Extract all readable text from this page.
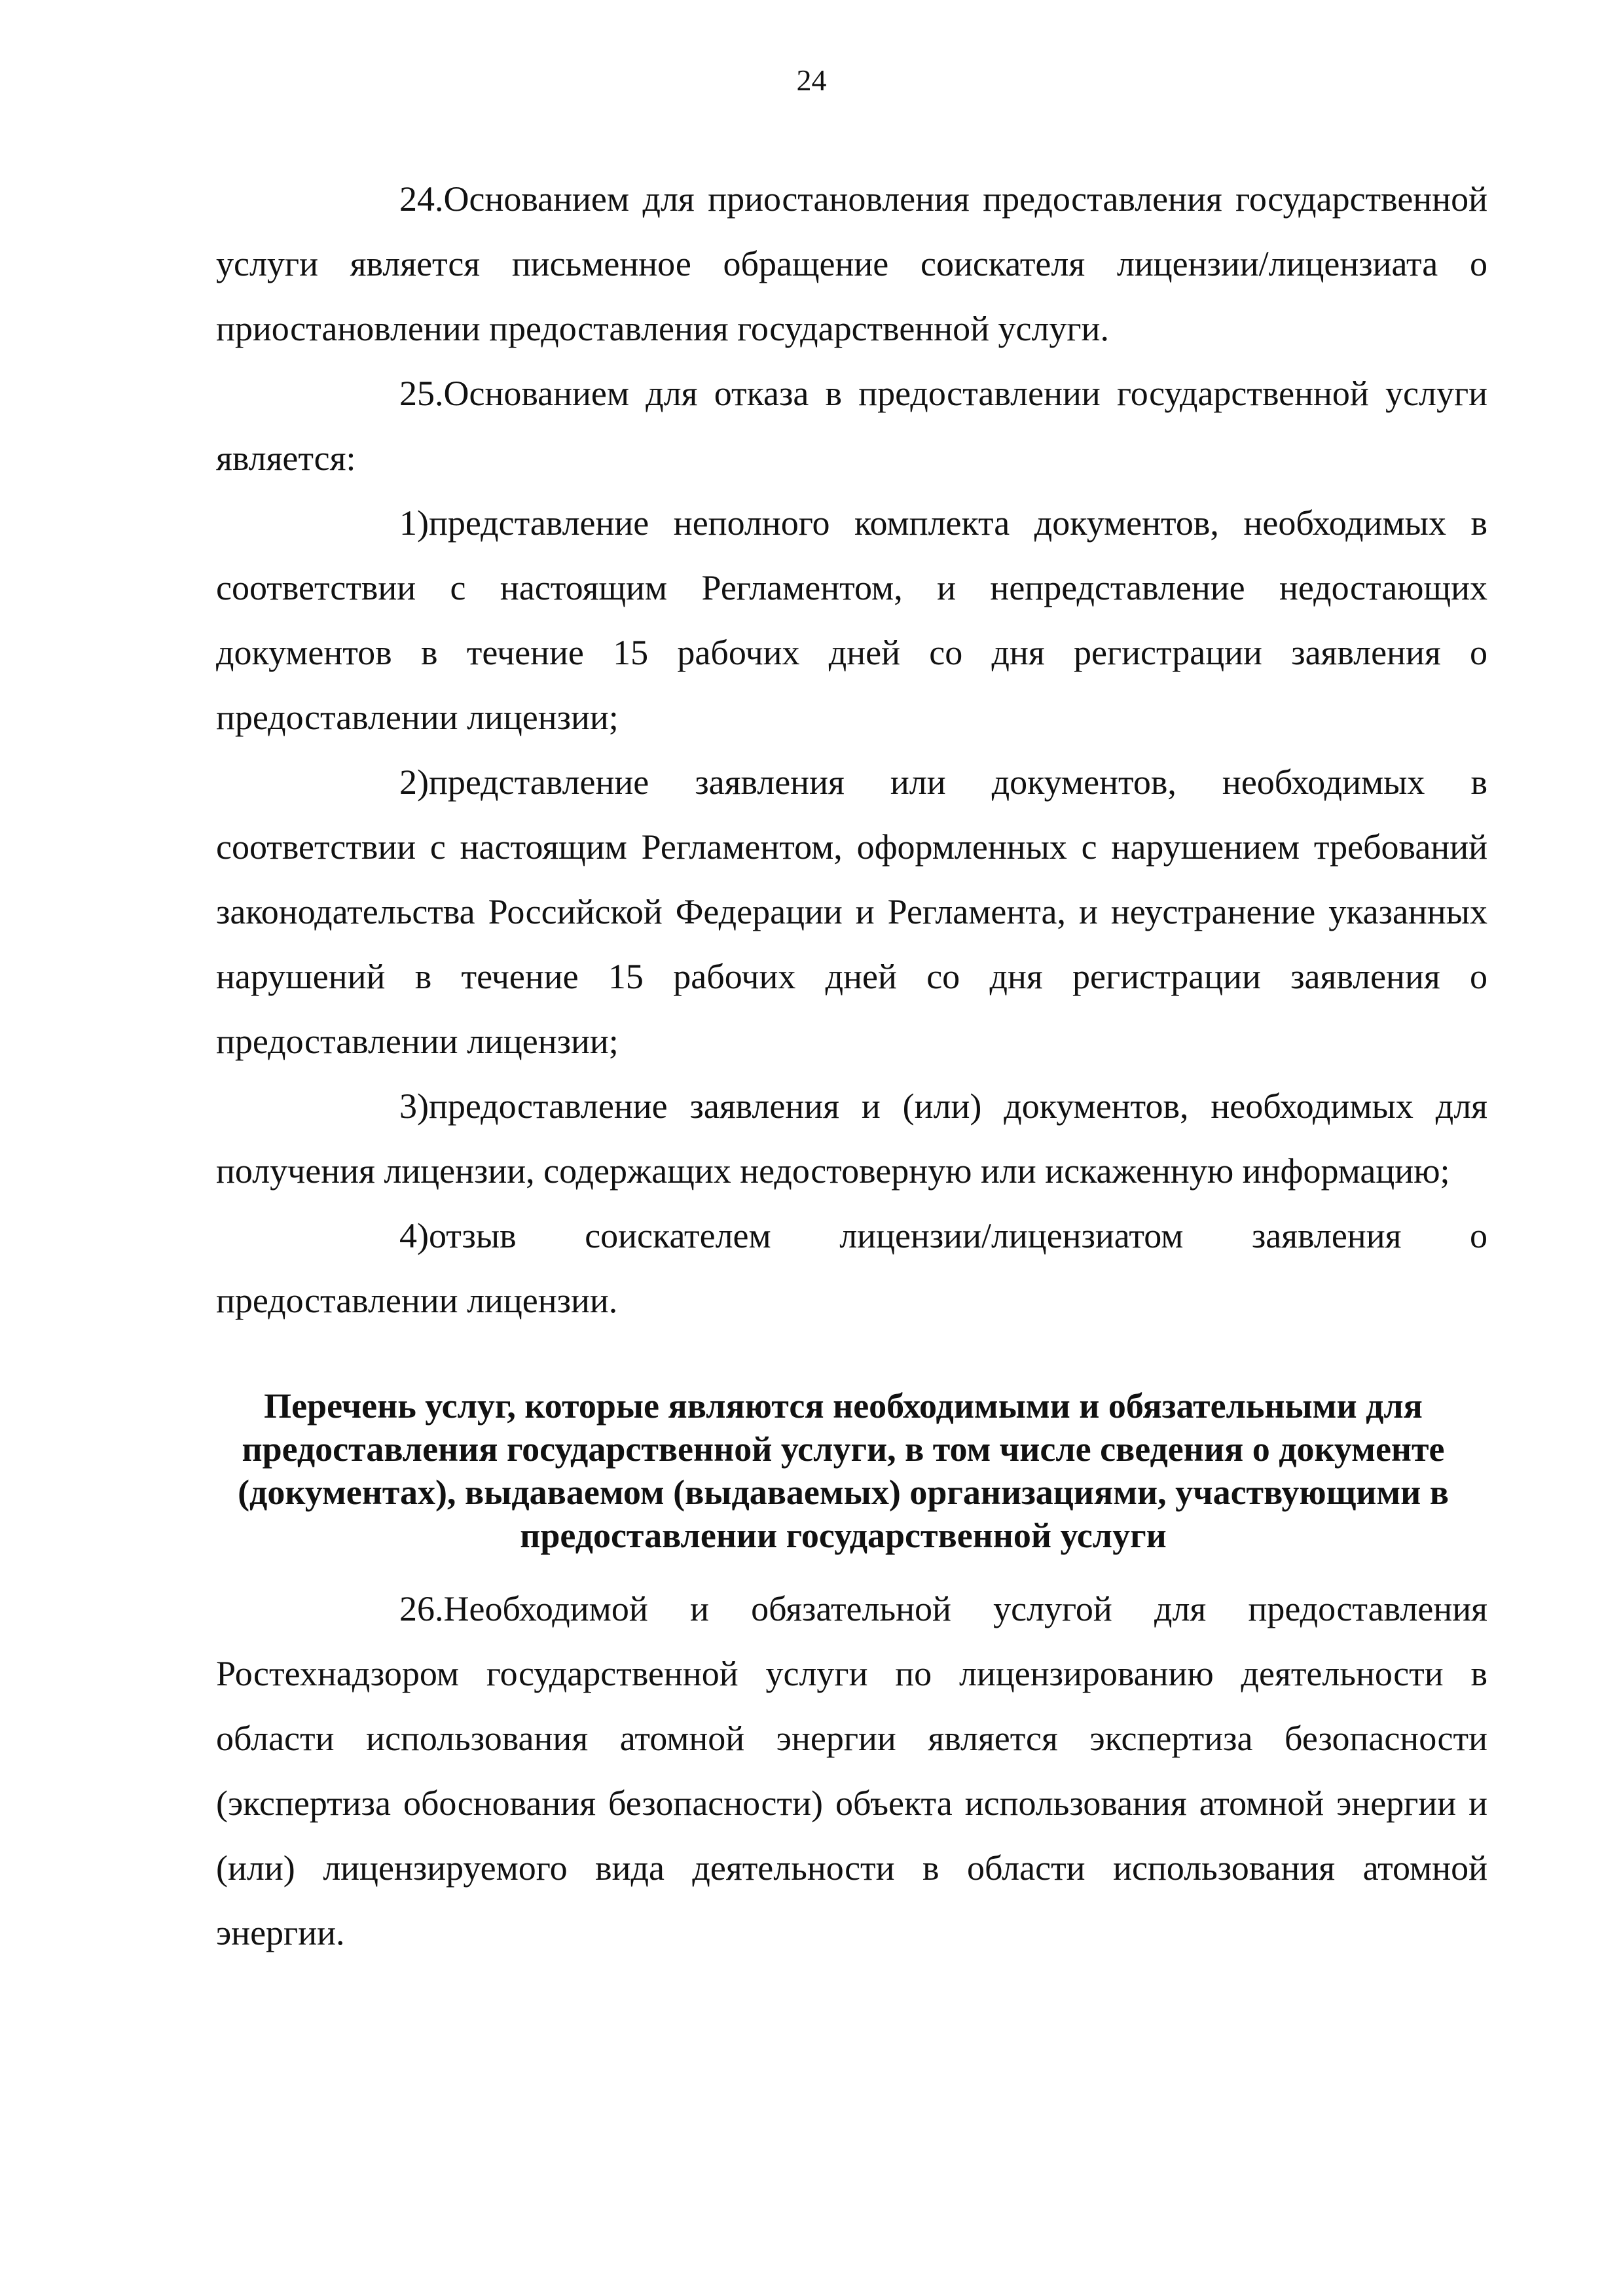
24

24.Основанием для приостановления предоставления государственной услуги является письменное обращение соискателя лицензии/лицензиата о приостановлении предоставления государственной услуги.

25.Основанием для отказа в предоставлении государственной услуги является:

1)представление неполного комплекта документов, необходимых в соответствии с настоящим Регламентом, и непредставление недостающих документов в течение 15 рабочих дней со дня регистрации заявления о предоставлении лицензии;

2)представление заявления или документов, необходимых в соответствии с настоящим Регламентом, оформленных с нарушением требований законодательства Российской Федерации и Регламента, и неустранение указанных нарушений в течение 15 рабочих дней со дня регистрации заявления о предоставлении лицензии;

3)предоставление заявления и (или) документов, необходимых для получения лицензии, содержащих недостоверную или искаженную информацию;

4)отзыв соискателем лицензии/лицензиатом заявления о предоставлении лицензии.

Перечень услуг, которые являются необходимыми и обязательными для предоставления государственной услуги, в том числе сведения о документе (документах), выдаваемом (выдаваемых) организациями, участвующими в предоставлении государственной услуги

26.Необходимой и обязательной услугой для предоставления Ростехнадзором государственной услуги по лицензированию деятельности в области использования атомной энергии является экспертиза безопасности (экспертиза обоснования безопасности) объекта использования атомной энергии и (или) лицензируемого вида деятельности в области использования атомной энергии.
